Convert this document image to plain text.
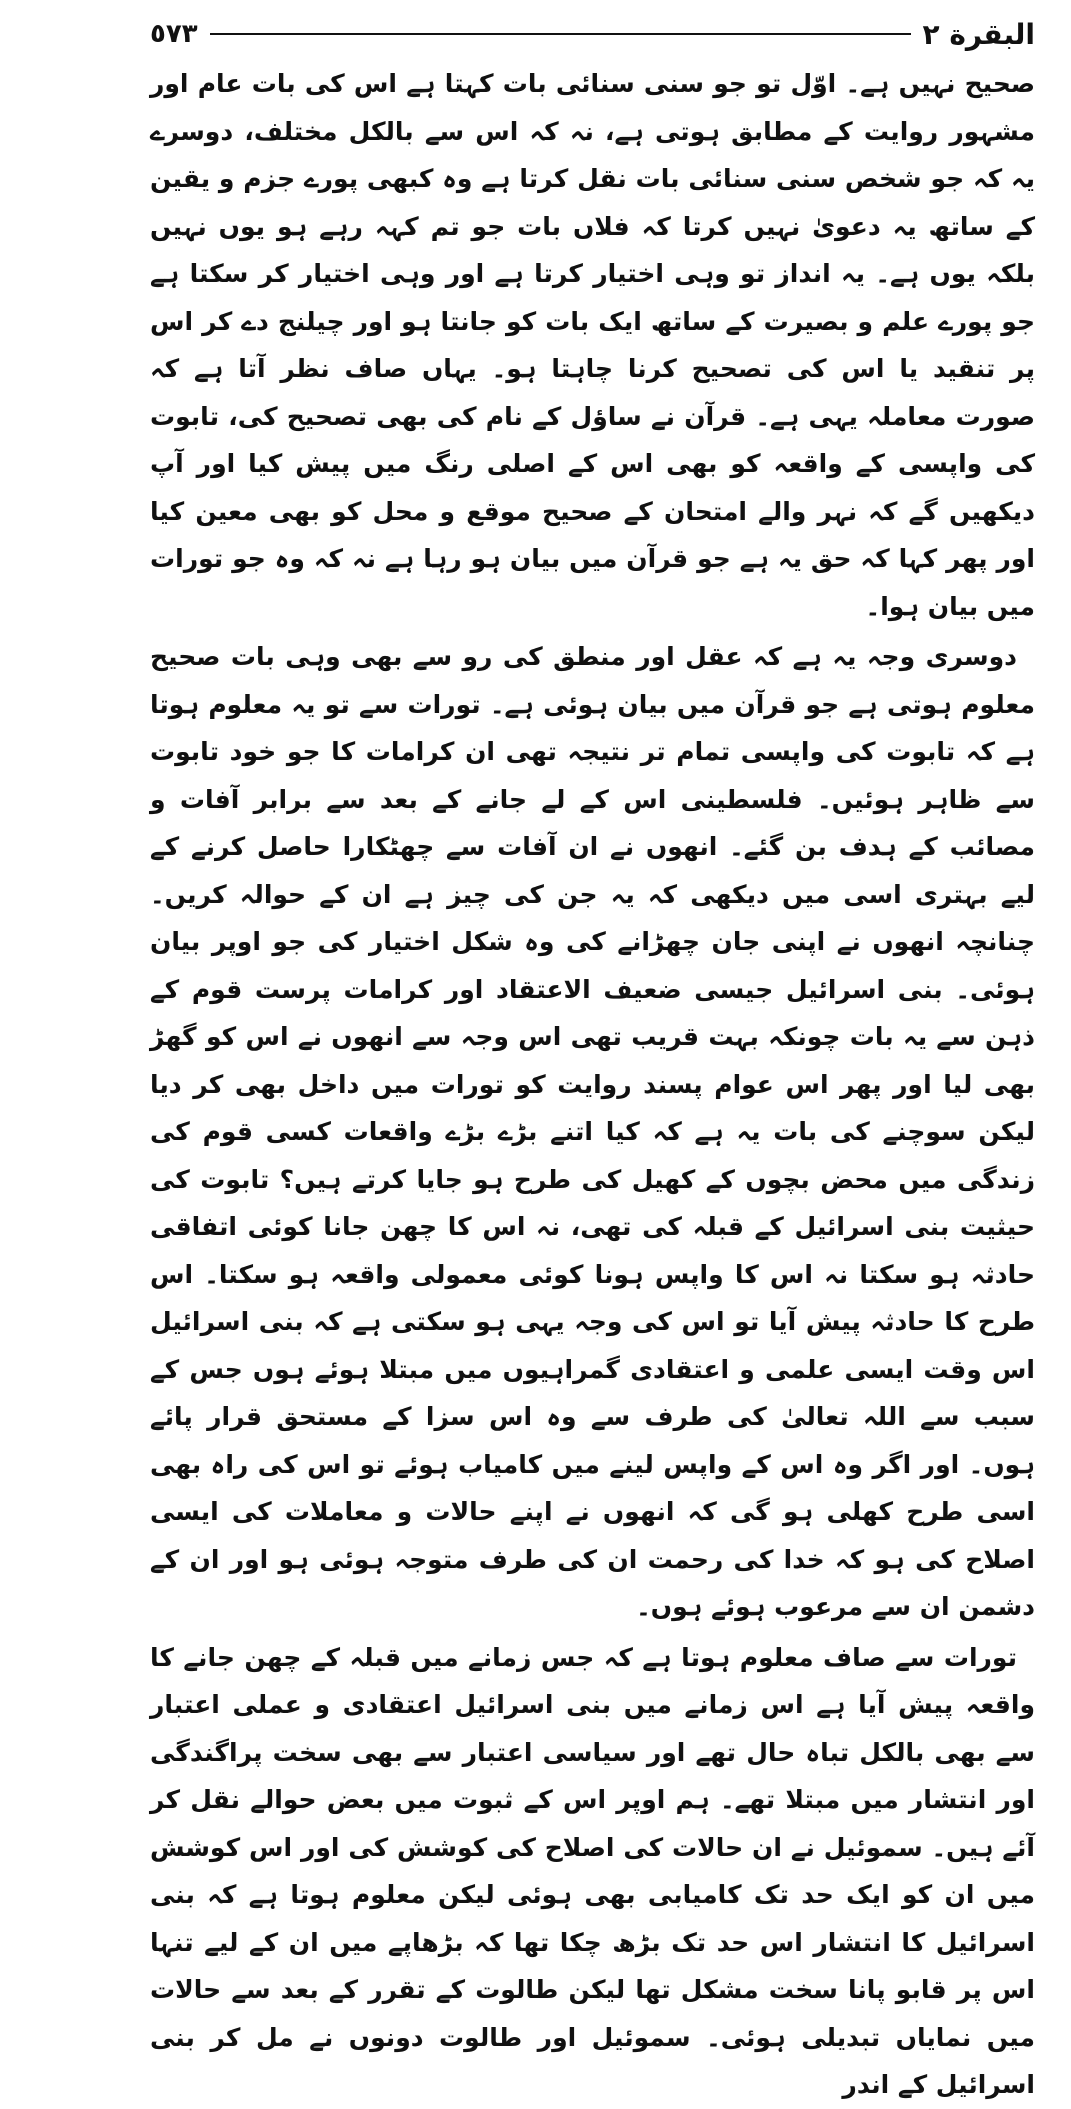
٥٧٣	البقرة ٢

صحیح نہیں ہے۔ اوّل تو جو سنی سنائی بات کہتا ہے اس کی بات عام اور مشہور روایت کے مطابق ہوتی ہے، نہ کہ اس سے بالکل مختلف، دوسرے یہ کہ جو شخص سنی سنائی بات نقل کرتا ہے وہ کبھی پورے جزم و یقین کے ساتھ یہ دعویٰ نہیں کرتا کہ فلاں بات جو تم کہہ رہے ہو یوں نہیں بلکہ یوں ہے۔ یہ انداز تو وہی اختیار کرتا ہے اور وہی اختیار کر سکتا ہے جو پورے علم و بصیرت کے ساتھ ایک بات کو جانتا ہو اور چیلنج دے کر اس پر تنقید یا اس کی تصحیح کرنا چاہتا ہو۔ یہاں صاف نظر آتا ہے کہ صورت معاملہ یہی ہے۔ قرآن نے ساؤل کے نام کی بھی تصحیح کی، تابوت کی واپسی کے واقعہ کو بھی اس کے اصلی رنگ میں پیش کیا اور آپ دیکھیں گے کہ نہر والے امتحان کے صحیح موقع و محل کو بھی معین کیا اور پھر کہا کہ حق یہ ہے جو قرآن میں بیان ہو رہا ہے نہ کہ وہ جو تورات میں بیان ہوا۔

دوسری وجہ یہ ہے کہ عقل اور منطق کی رو سے بھی وہی بات صحیح معلوم ہوتی ہے جو قرآن میں بیان ہوئی ہے۔ تورات سے تو یہ معلوم ہوتا ہے کہ تابوت کی واپسی تمام تر نتیجہ تھی ان کرامات کا جو خود تابوت سے ظاہر ہوئیں۔ فلسطینی اس کے لے جانے کے بعد سے برابر آفات و مصائب کے ہدف بن گئے۔ انھوں نے ان آفات سے چھٹکارا حاصل کرنے کے لیے بہتری اسی میں دیکھی کہ یہ جن کی چیز ہے ان کے حوالہ کریں۔ چنانچہ انھوں نے اپنی جان چھڑانے کی وہ شکل اختیار کی جو اوپر بیان ہوئی۔ بنی اسرائیل جیسی ضعیف الاعتقاد اور کرامات پرست قوم کے ذہن سے یہ بات چونکہ بہت قریب تھی اس وجہ سے انھوں نے اس کو گھڑ بھی لیا اور پھر اس عوام پسند روایت کو تورات میں داخل بھی کر دیا لیکن سوچنے کی بات یہ ہے کہ کیا اتنے بڑے بڑے واقعات کسی قوم کی زندگی میں محض بچوں کے کھیل کی طرح ہو جایا کرتے ہیں؟ تابوت کی حیثیت بنی اسرائیل کے قبلہ کی تھی، نہ اس کا چھن جانا کوئی اتفاقی حادثہ ہو سکتا نہ اس کا واپس ہونا کوئی معمولی واقعہ ہو سکتا۔ اس طرح کا حادثہ پیش آیا تو اس کی وجہ یہی ہو سکتی ہے کہ بنی اسرائیل اس وقت ایسی علمی و اعتقادی گمراہیوں میں مبتلا ہوئے ہوں جس کے سبب سے اللہ تعالیٰ کی طرف سے وہ اس سزا کے مستحق قرار پائے ہوں۔ اور اگر وہ اس کے واپس لینے میں کامیاب ہوئے تو اس کی راہ بھی اسی طرح کھلی ہو گی کہ انھوں نے اپنے حالات و معاملات کی ایسی اصلاح کی ہو کہ خدا کی رحمت ان کی طرف متوجہ ہوئی ہو اور ان کے دشمن ان سے مرعوب ہوئے ہوں۔

تورات سے صاف معلوم ہوتا ہے کہ جس زمانے میں قبلہ کے چھن جانے کا واقعہ پیش آیا ہے اس زمانے میں بنی اسرائیل اعتقادی و عملی اعتبار سے بھی بالکل تباہ حال تھے اور سیاسی اعتبار سے بھی سخت پراگندگی اور انتشار میں مبتلا تھے۔ ہم اوپر اس کے ثبوت میں بعض حوالے نقل کر آئے ہیں۔ سموئیل نے ان حالات کی اصلاح کی کوشش کی اور اس کوشش میں ان کو ایک حد تک کامیابی بھی ہوئی لیکن معلوم ہوتا ہے کہ بنی اسرائیل کا انتشار اس حد تک بڑھ چکا تھا کہ بڑھاپے میں ان کے لیے تنہا اس پر قابو پانا سخت مشکل تھا لیکن طالوت کے تقرر کے بعد سے حالات میں نمایاں تبدیلی ہوئی۔ سموئیل اور طالوت دونوں نے مل کر بنی اسرائیل کے اندر
